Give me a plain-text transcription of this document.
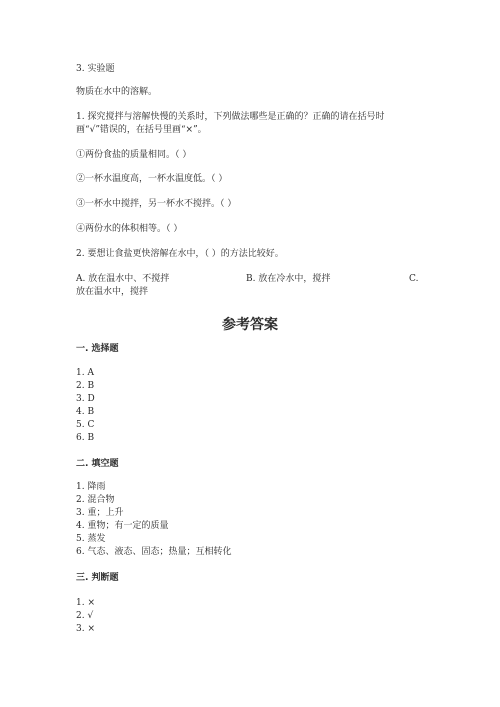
3. 实验题
物质在水中的溶解。
1. 探究搅拌与溶解快慢的关系时，下列做法哪些是正确的？正确的请在括号时
画“√”错误的，在括号里画“×”。
①两份食盐的质量相同。（ ）
②一杯水温度高，一杯水温度低。（ ）
③一杯水中搅拌，另一杯水不搅拌。（ ）
④两份水的体积相等。（ ）
2. 要想让食盐更快溶解在水中，（ ）的方法比较好。
A. 放在温水中、不搅拌	B. 放在冷水中，搅拌	C.
放在温水中，搅拌
参考答案
一. 选择题
1. A
2. B
3. D
4. B
5. C
6. B
二. 填空题
1. 降雨
2. 混合物
3. 重；上升
4. 重物；有一定的质量
5. 蒸发
6. 气态、液态、固态；热量；互相转化
三. 判断题
1. ×
2. √
3. ×
